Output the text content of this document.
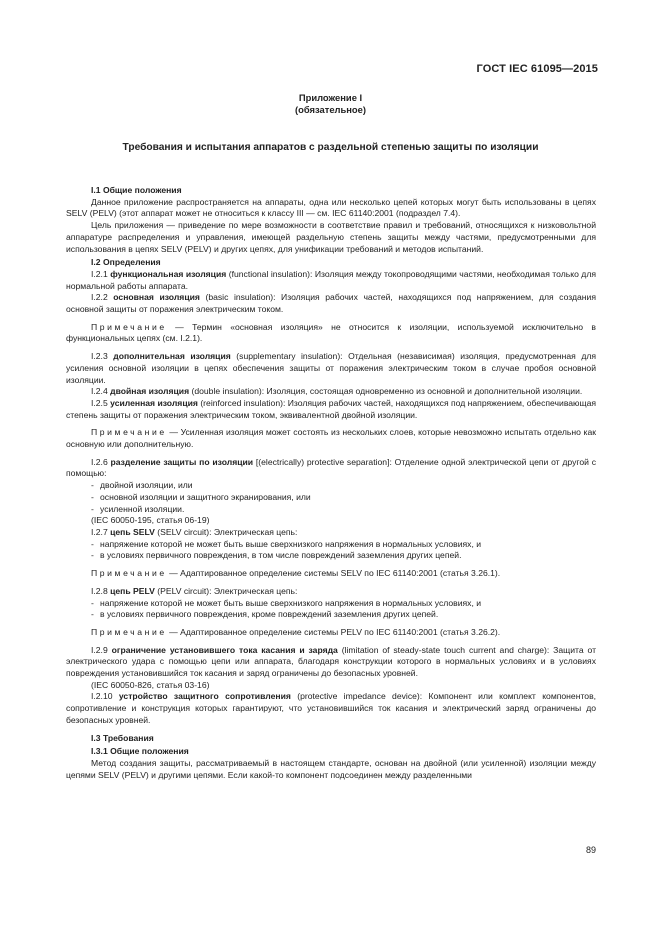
ГОСТ IEC 61095—2015
Приложение I
(обязательное)
Требования и испытания аппаратов с раздельной степенью защиты по изоляции

I.1 Общие положения

Данное приложение распространяется на аппараты, одна или несколько цепей которых могут быть использованы в цепях SELV (PELV) (этот аппарат может не относиться к классу III — см. IEC 61140:2001 (подраздел 7.4).

Цель приложения — приведение по мере возможности в соответствие правил и требований, относящихся к низковольтной аппаратуре распределения и управления, имеющей раздельную степень защиты между частями, предусмотренными для использования в цепях SELV (PELV) и других цепях, для унификации требований и методов испытаний.

I.2 Определения

I.2.1 функциональная изоляция (functional insulation): Изоляция между токопроводящими частями, необходимая только для нормальной работы аппарата.

I.2.2 основная изоляция (basic insulation): Изоляция рабочих частей, находящихся под напряжением, для создания основной защиты от поражения электрическим током.

Примечание — Термин «основная изоляция» не относится к изоляции, используемой исключительно в функциональных цепях (см. I.2.1).

I.2.3 дополнительная изоляция (supplementary insulation): Отдельная (независимая) изоляция, предусмотренная для усиления основной изоляции в цепях обеспечения защиты от поражения электрическим током в случае пробоя основной изоляции.

I.2.4 двойная изоляция (double insulation): Изоляция, состоящая одновременно из основной и дополнительной изоляции.

I.2.5 усиленная изоляция (reinforced insulation): Изоляция рабочих частей, находящихся под напряжением, обеспечивающая степень защиты от поражения электрическим током, эквивалентной двойной изоляции.

Примечание — Усиленная изоляция может состоять из нескольких слоев, которые невозможно испытать отдельно как основную или дополнительную.

I.2.6 разделение защиты по изоляции [(electrically) protective separation]: Отделение одной электрической цепи от другой с помощью:

- двойной изоляции, или

- основной изоляции и защитного экранирования, или

- усиленной изоляции.

(IEC 60050-195, статья 06-19)

I.2.7 цепь SELV (SELV circuit): Электрическая цепь:

- напряжение которой не может быть выше сверхнизкого напряжения в нормальных условиях, и

- в условиях первичного повреждения, в том числе повреждений заземления других цепей.

Примечание — Адаптированное определение системы SELV по IEC 61140:2001 (статья 3.26.1).

I.2.8 цепь PELV (PELV circuit): Электрическая цепь:

- напряжение которой не может быть выше сверхнизкого напряжения в нормальных условиях, и

- в условиях первичного повреждения, кроме повреждений заземления других цепей.

Примечание — Адаптированное определение системы PELV по IEC 61140:2001 (статья 3.26.2).

I.2.9 ограничение установившего тока касания и заряда (limitation of steady-state touch current and charge): Защита от электрического удара с помощью цепи или аппарата, благодаря конструкции которого в нормальных условиях и в условиях повреждения установившийся ток касания и заряд ограничены до безопасных уровней.

(IEC 60050-826, статья 03-16)

I.2.10 устройство защитного сопротивления (protective impedance device): Компонент или комплект компонентов, сопротивление и конструкция которых гарантируют, что установившийся ток касания и электрический заряд ограничены до безопасных уровней.

I.3 Требования

I.3.1 Общие положения

Метод создания защиты, рассматриваемый в настоящем стандарте, основан на двойной (или усиленной) изоляции между цепями SELV (PELV) и другими цепями. Если какой-то компонент подсоединен между разделенными

89
